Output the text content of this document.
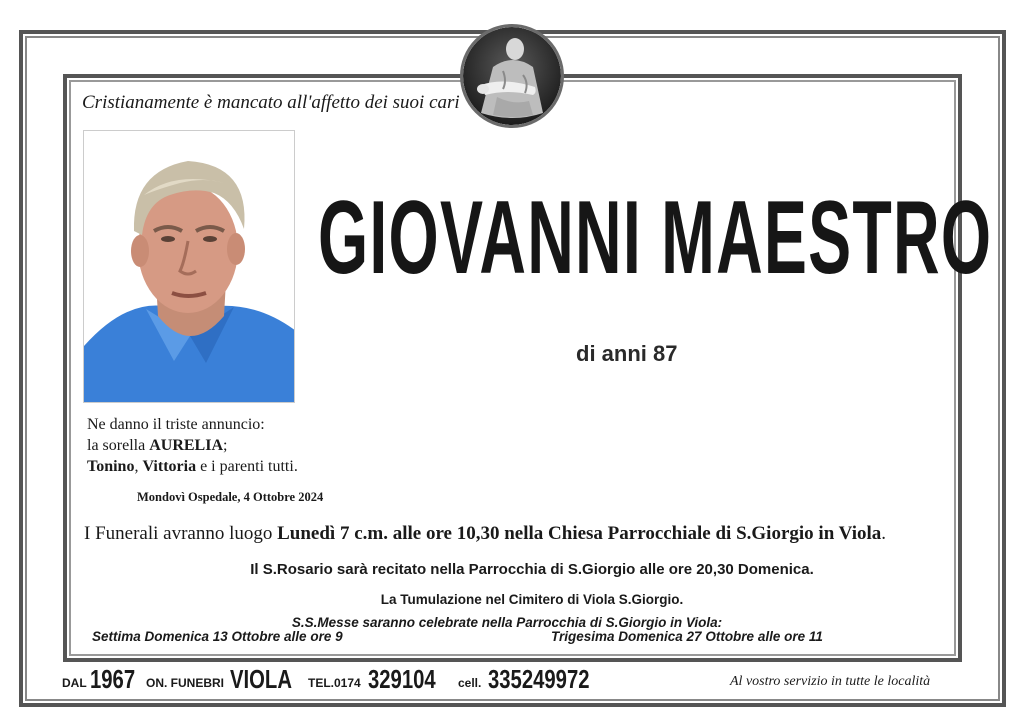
Cristianamente è mancato all'affetto dei suoi cari
GIOVANNI MAESTRO
di anni 87
Ne danno il triste annuncio:
la sorella AURELIA;
Tonino, Vittoria e i parenti tutti.
Mondovì Ospedale, 4 Ottobre 2024
I Funerali avranno luogo Lunedì 7 c.m. alle ore 10,30 nella Chiesa Parrocchiale di S.Giorgio in Viola.
Il S.Rosario sarà recitato nella Parrocchia di S.Giorgio alle ore 20,30 Domenica.
La Tumulazione nel Cimitero di Viola S.Giorgio.
S.S.Messe saranno celebrate nella Parrocchia di S.Giorgio in Viola:
Settima Domenica 13 Ottobre alle ore 9	Trigesima Domenica 27 Ottobre alle ore 11
DAL 1967 ON. FUNEBRI VIOLA TEL.0174 329104 cell. 335249972	Al vostro servizio in tutte le località
